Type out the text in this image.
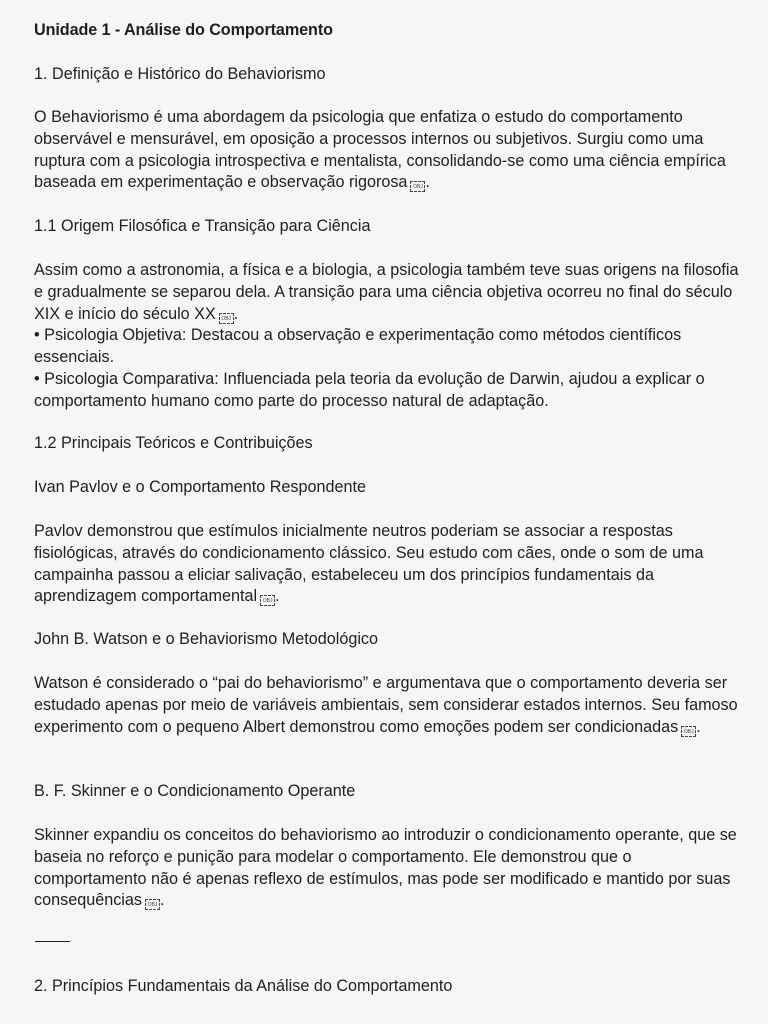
Unidade 1 - Análise do Comportamento

1. Definição e Histórico do Behaviorismo

O Behaviorismo é uma abordagem da psicologia que enfatiza o estudo do comportamento observável e mensurável, em oposição a processos internos ou subjetivos. Surgiu como uma ruptura com a psicologia introspectiva e mentalista, consolidando-se como uma ciência empírica baseada em experimentação e observação rigorosa OBJ .

1.1 Origem Filosófica e Transição para Ciência

Assim como a astronomia, a física e a biologia, a psicologia também teve suas origens na filosofia e gradualmente se separou dela. A transição para uma ciência objetiva ocorreu no final do século XIX e início do século XX OBJ .

• Psicologia Objetiva: Destacou a observação e experimentação como métodos científicos essenciais.

• Psicologia Comparativa: Influenciada pela teoria da evolução de Darwin, ajudou a explicar o comportamento humano como parte do processo natural de adaptação.

1.2 Principais Teóricos e Contribuições

Ivan Pavlov e o Comportamento Respondente

Pavlov demonstrou que estímulos inicialmente neutros poderiam se associar a respostas fisiológicas, através do condicionamento clássico. Seu estudo com cães, onde o som de uma campainha passou a eliciar salivação, estabeleceu um dos princípios fundamentais da aprendizagem comportamental OBJ .

John B. Watson e o Behaviorismo Metodológico

Watson é considerado o “pai do behaviorismo” e argumentava que o comportamento deveria ser estudado apenas por meio de variáveis ambientais, sem considerar estados internos. Seu famoso experimento com o pequeno Albert demonstrou como emoções podem ser condicionadas OBJ .

B. F. Skinner e o Condicionamento Operante

Skinner expandiu os conceitos do behaviorismo ao introduzir o condicionamento operante, que se baseia no reforço e punição para modelar o comportamento. Ele demonstrou que o comportamento não é apenas reflexo de estímulos, mas pode ser modificado e mantido por suas consequências OBJ .

2. Princípios Fundamentais da Análise do Comportamento
